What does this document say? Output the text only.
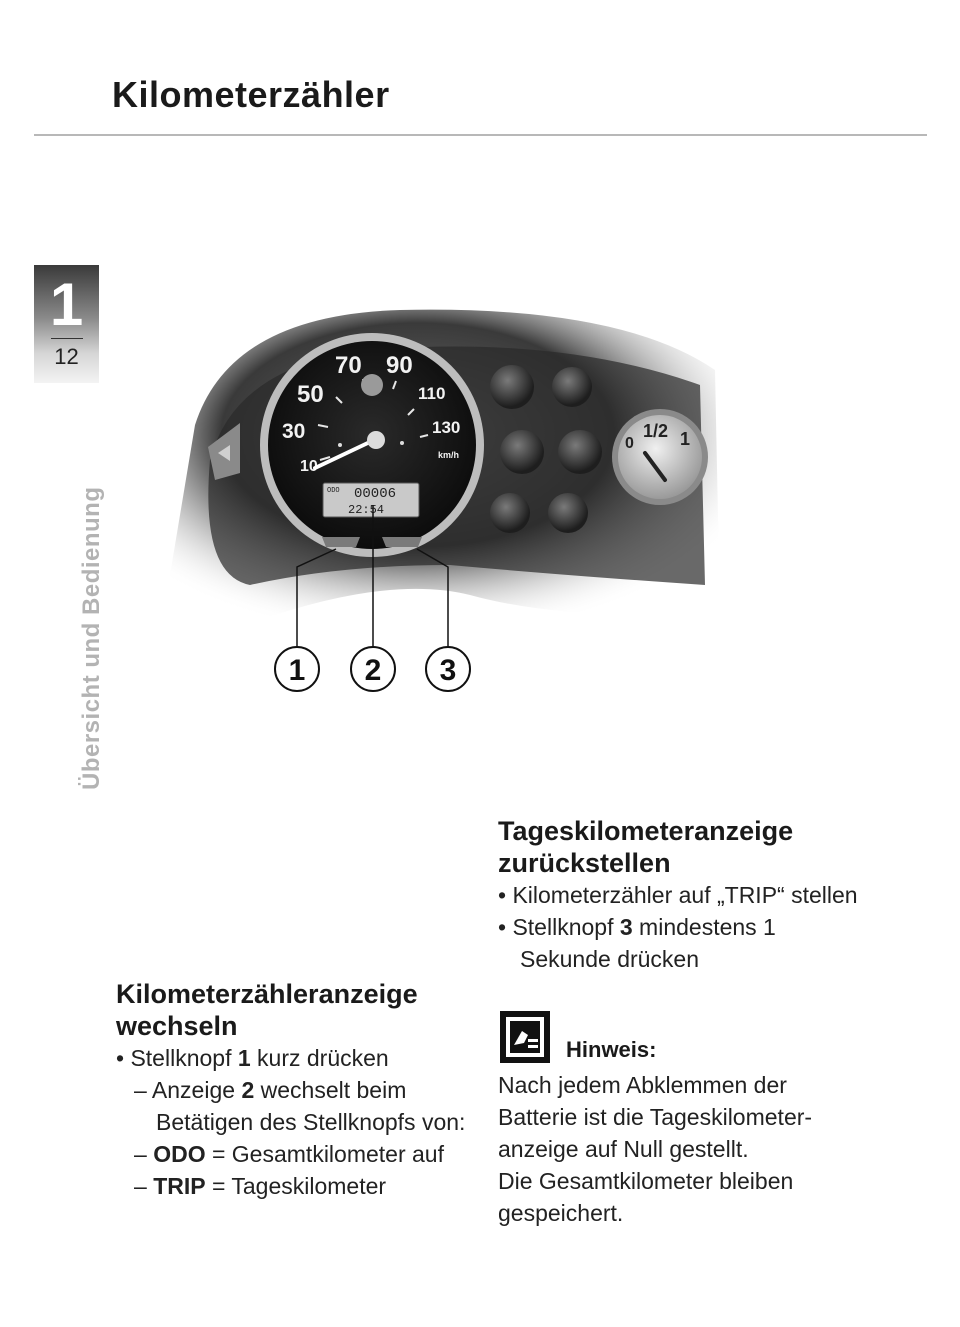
Kilometerzähler
1
12
Übersicht und Bedienung
10
30
50
70 90
110
130
km/h
ODO 00006
22:54
0
1/2 1
1 2 3
Kilometerzähleranzeige wechseln
• Stellknopf 1 kurz drücken
– Anzeige 2 wechselt beim Betätigen des Stellknopfs von:
– ODO = Gesamtkilometer auf
– TRIP = Tageskilometer
Tageskilometeranzeige zurückstellen
• Kilometerzähler auf „TRIP“ stellen
• Stellknopf 3 mindestens 1 Sekunde drücken
Hinweis:
Nach jedem Abklemmen der Batterie ist die Tageskilometer-anzeige auf Null gestellt.
Die Gesamtkilometer bleiben gespeichert.
